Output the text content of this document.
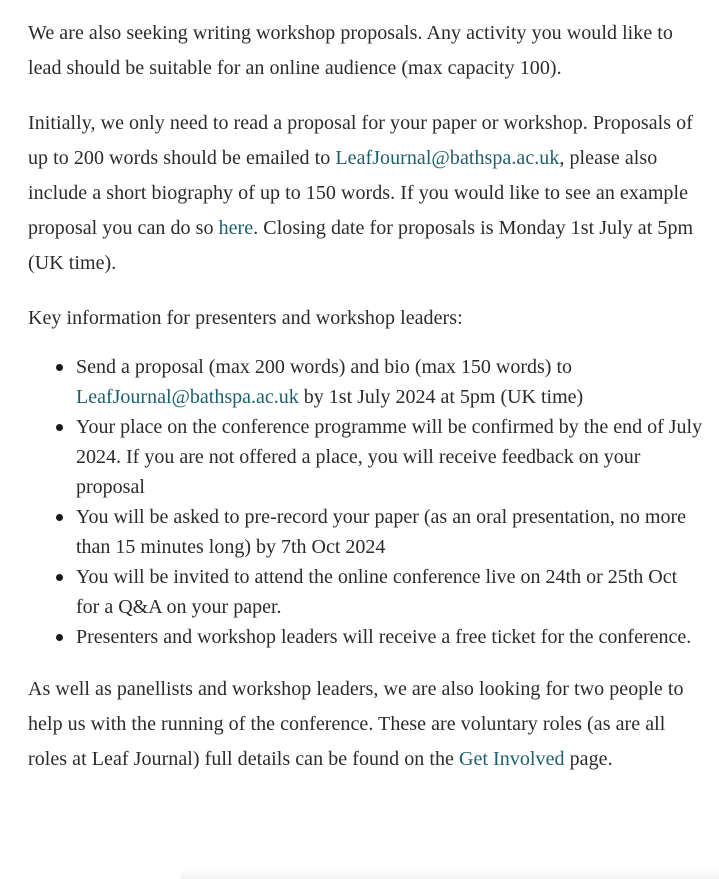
We are also seeking writing workshop proposals. Any activity you would like to lead should be suitable for an online audience (max capacity 100).

Initially, we only need to read a proposal for your paper or workshop. Proposals of up to 200 words should be emailed to LeafJournal@bathspa.ac.uk, please also include a short biography of up to 150 words. If you would like to see an example proposal you can do so here. Closing date for proposals is Monday 1st July at 5pm (UK time).

Key information for presenters and workshop leaders:

Send a proposal (max 200 words) and bio (max 150 words) to LeafJournal@bathspa.ac.uk by 1st July 2024 at 5pm (UK time)
Your place on the conference programme will be confirmed by the end of July 2024. If you are not offered a place, you will receive feedback on your proposal
You will be asked to pre-record your paper (as an oral presentation, no more than 15 minutes long) by 7th Oct 2024
You will be invited to attend the online conference live on 24th or 25th Oct for a Q&A on your paper.
Presenters and workshop leaders will receive a free ticket for the conference.

As well as panellists and workshop leaders, we are also looking for two people to help us with the running of the conference. These are voluntary roles (as are all roles at Leaf Journal) full details can be found on the Get Involved page.
